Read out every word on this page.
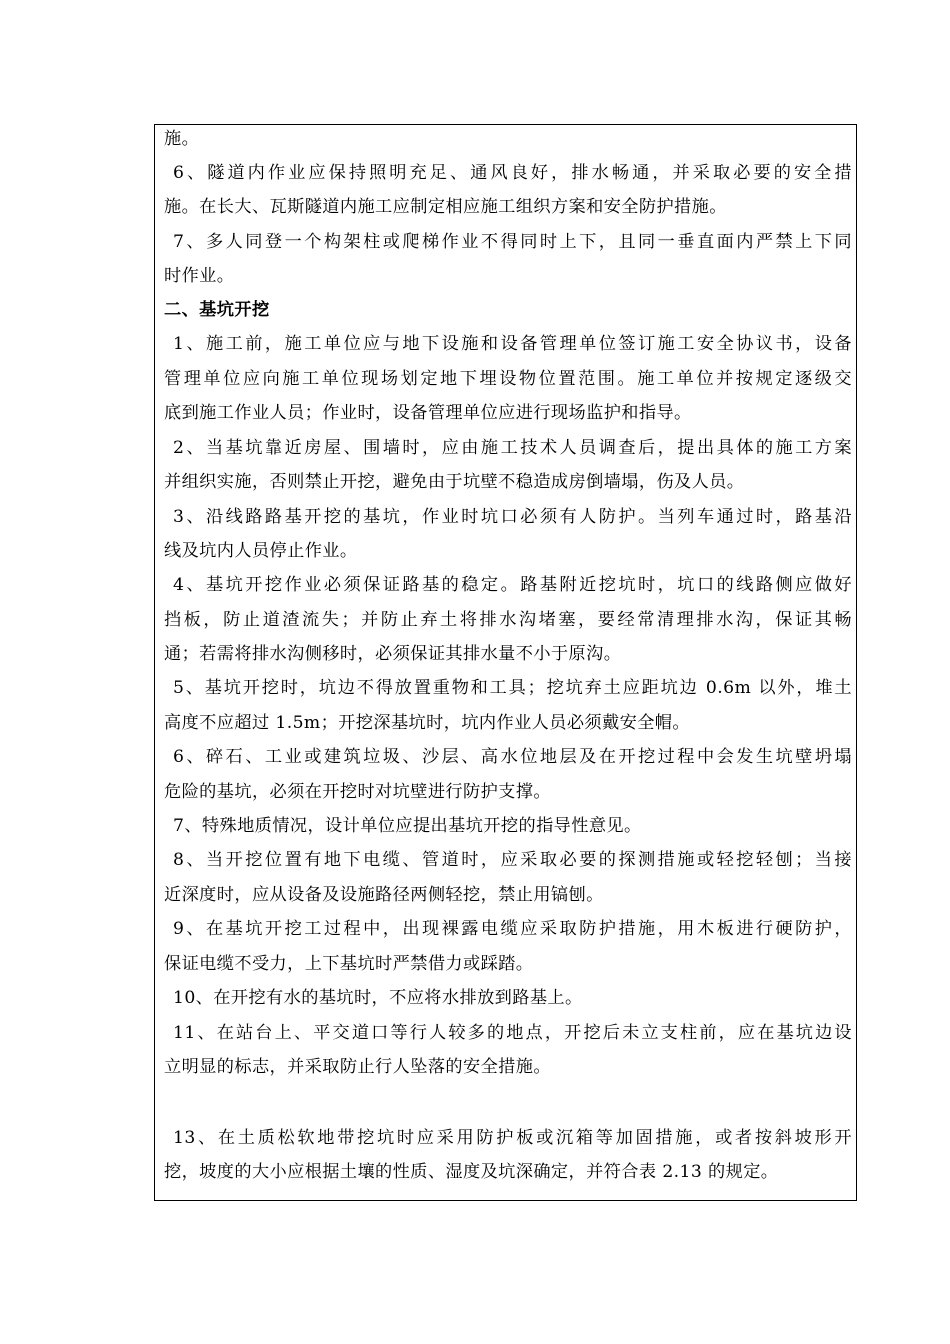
施。
6、隧道内作业应保持照明充足、通风良好，排水畅通，并采取必要的安全措
施。在长大、瓦斯隧道内施工应制定相应施工组织方案和安全防护措施。
7、多人同登一个构架柱或爬梯作业不得同时上下，且同一垂直面内严禁上下同
时作业。
二、基坑开挖
1、施工前，施工单位应与地下设施和设备管理单位签订施工安全协议书，设备
管理单位应向施工单位现场划定地下埋设物位置范围。施工单位并按规定逐级交
底到施工作业人员；作业时，设备管理单位应进行现场监护和指导。
2、当基坑靠近房屋、围墙时，应由施工技术人员调查后，提出具体的施工方案
并组织实施，否则禁止开挖，避免由于坑壁不稳造成房倒墙塌，伤及人员。
3、沿线路路基开挖的基坑，作业时坑口必须有人防护。当列车通过时，路基沿
线及坑内人员停止作业。
4、基坑开挖作业必须保证路基的稳定。路基附近挖坑时，坑口的线路侧应做好
挡板，防止道渣流失；并防止弃土将排水沟堵塞，要经常清理排水沟，保证其畅
通；若需将排水沟侧移时，必须保证其排水量不小于原沟。
5、基坑开挖时，坑边不得放置重物和工具；挖坑弃土应距坑边 0.6m 以外，堆土
高度不应超过 1.5m；开挖深基坑时，坑内作业人员必须戴安全帽。
6、碎石、工业或建筑垃圾、沙层、高水位地层及在开挖过程中会发生坑壁坍塌
危险的基坑，必须在开挖时对坑壁进行防护支撑。
7、特殊地质情况，设计单位应提出基坑开挖的指导性意见。
8、当开挖位置有地下电缆、管道时，应采取必要的探测措施或轻挖轻刨；当接
近深度时，应从设备及设施路径两侧轻挖，禁止用镐刨。
9、在基坑开挖工过程中，出现裸露电缆应采取防护措施，用木板进行硬防护，
保证电缆不受力，上下基坑时严禁借力或踩踏。
10、在开挖有水的基坑时，不应将水排放到路基上。
11、在站台上、平交道口等行人较多的地点，开挖后未立支柱前，应在基坑边设
立明显的标志，并采取防止行人坠落的安全措施。
13、在土质松软地带挖坑时应采用防护板或沉箱等加固措施，或者按斜坡形开
挖，坡度的大小应根据土壤的性质、湿度及坑深确定，并符合表 2.13 的规定。
